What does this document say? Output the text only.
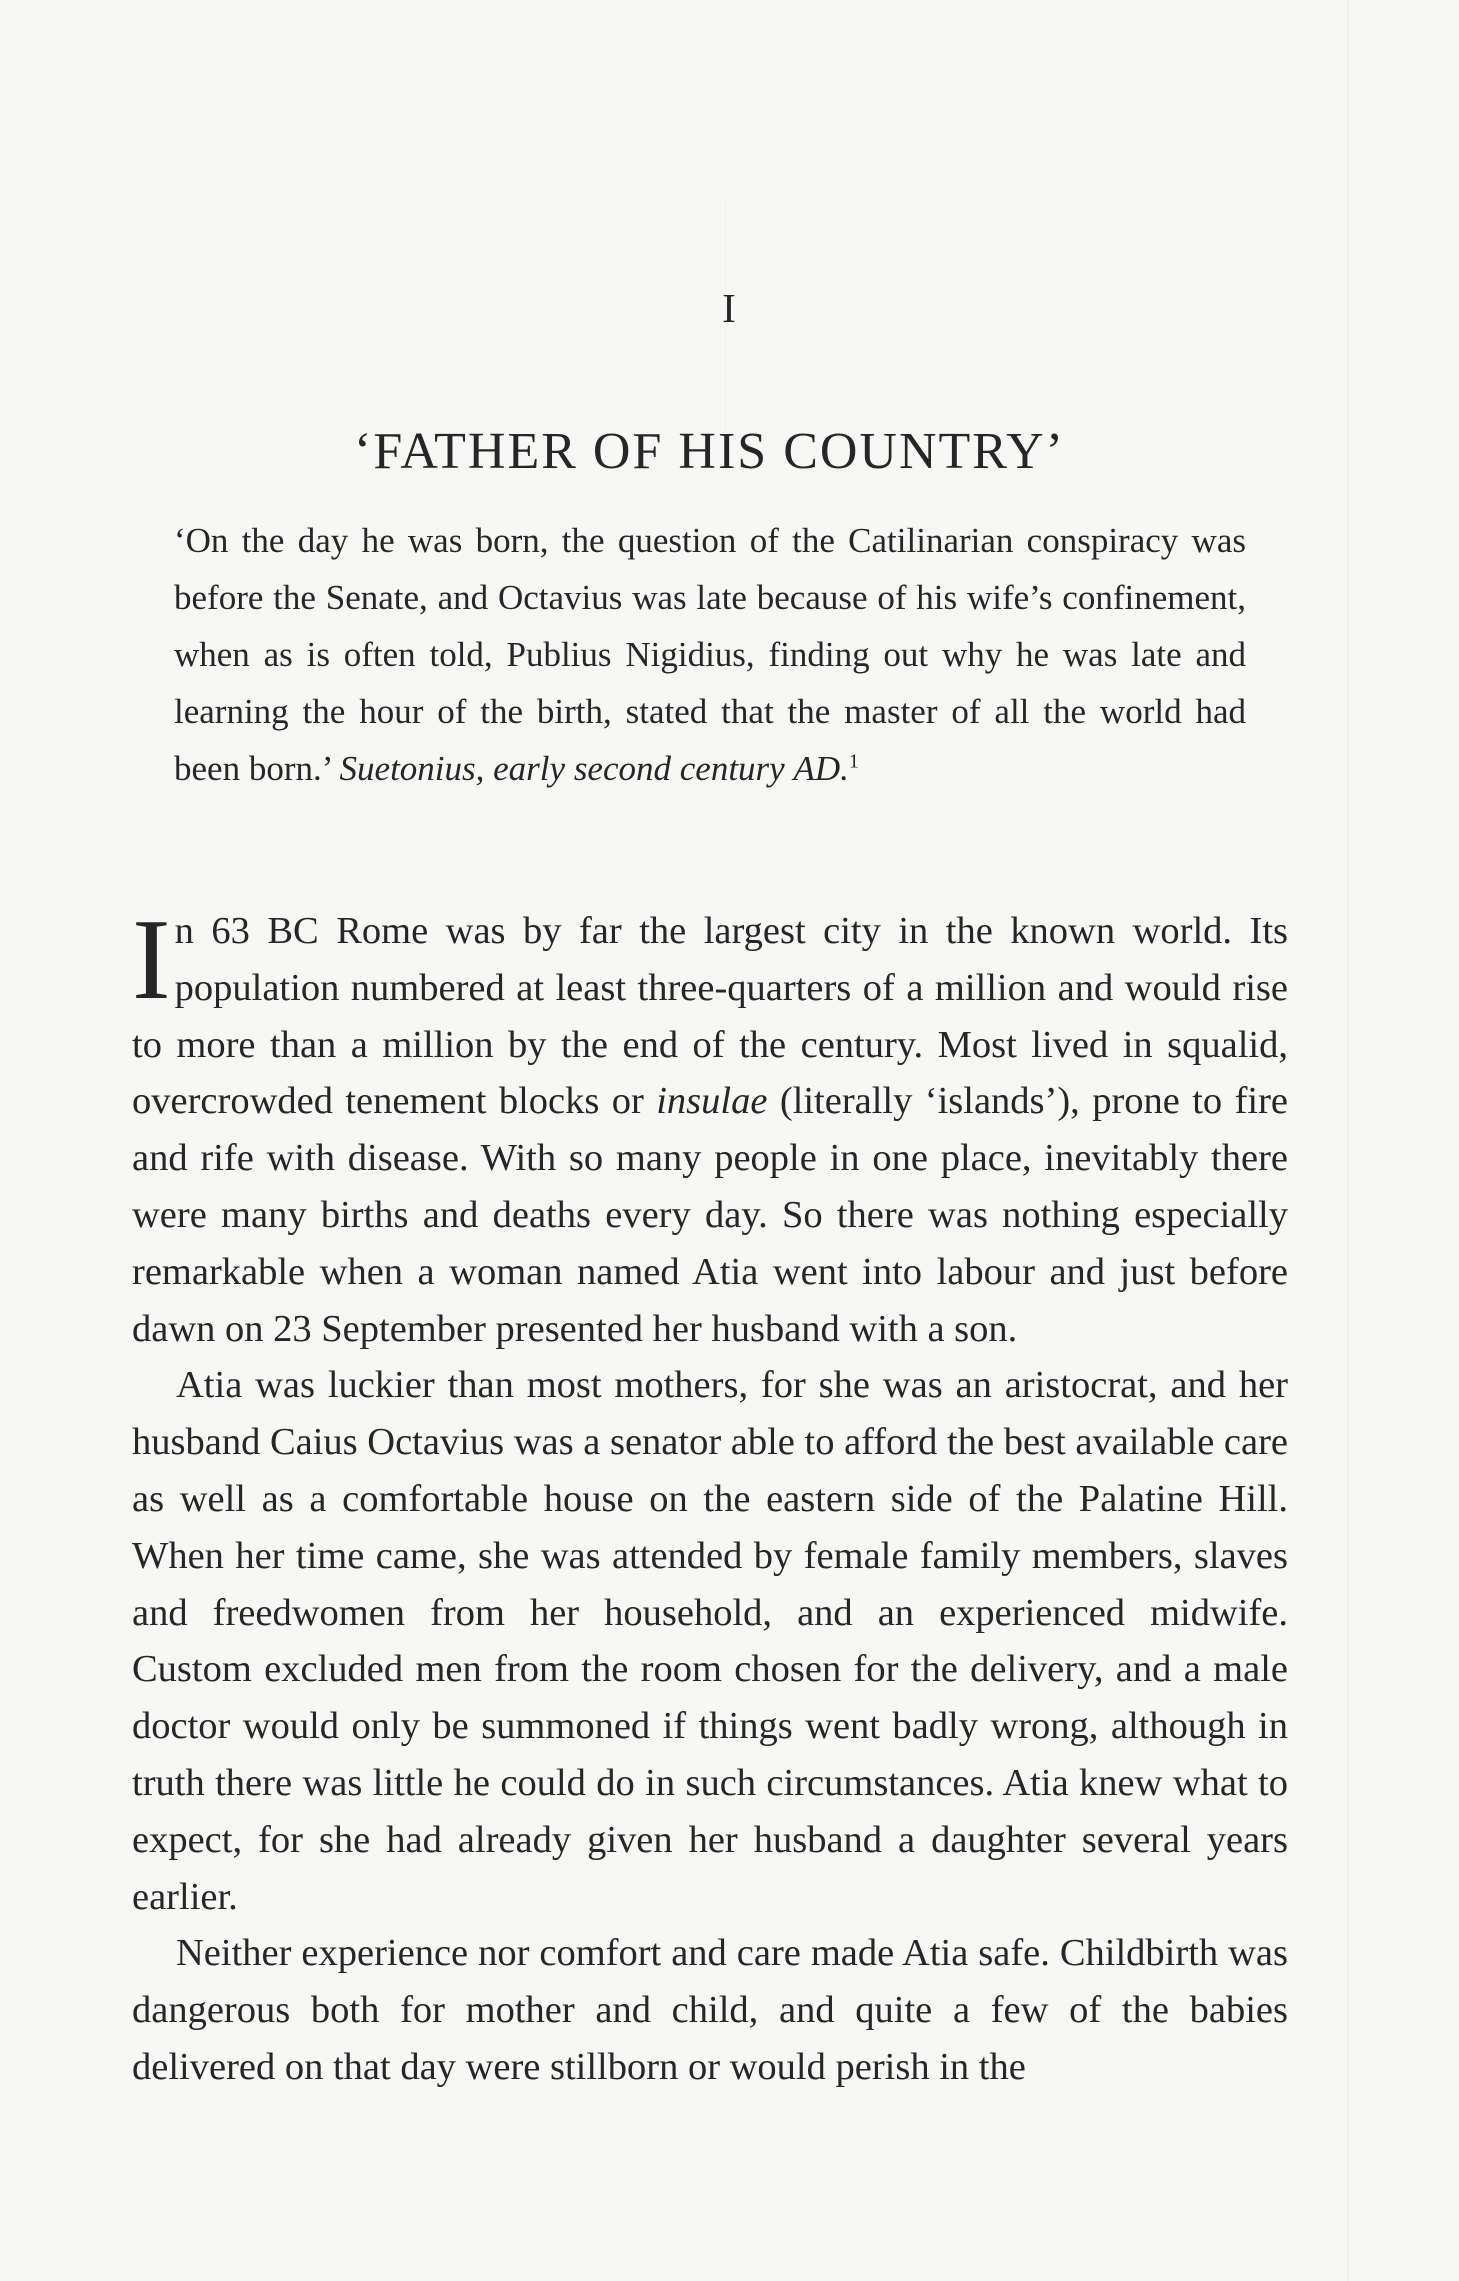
I
‘FATHER OF HIS COUNTRY’
‘On the day he was born, the question of the Catilinarian conspiracy was before the Senate, and Octavius was late because of his wife’s confinement, when as is often told, Publius Nigidius, finding out why he was late and learning the hour of the birth, stated that the master of all the world had been born.’ Suetonius, early second century AD.$^1$

In 63 BC Rome was by far the largest city in the known world. Its population numbered at least three-quarters of a million and would rise to more than a million by the end of the century. Most lived in squalid, overcrowded tenement blocks or insulae (literally ‘islands’), prone to fire and rife with disease. With so many people in one place, inevitably there were many births and deaths every day. So there was nothing especially remarkable when a woman named Atia went into labour and just before dawn on 23 September presented her husband with a son.

Atia was luckier than most mothers, for she was an aristocrat, and her husband Caius Octavius was a senator able to afford the best available care as well as a comfortable house on the eastern side of the Palatine Hill. When her time came, she was attended by female family members, slaves and freedwomen from her household, and an experienced midwife. Custom excluded men from the room chosen for the delivery, and a male doctor would only be summoned if things went badly wrong, although in truth there was little he could do in such circumstances. Atia knew what to expect, for she had already given her husband a daughter several years earlier.

Neither experience nor comfort and care made Atia safe. Childbirth was dangerous both for mother and child, and quite a few of the babies delivered on that day were stillborn or would perish in the
